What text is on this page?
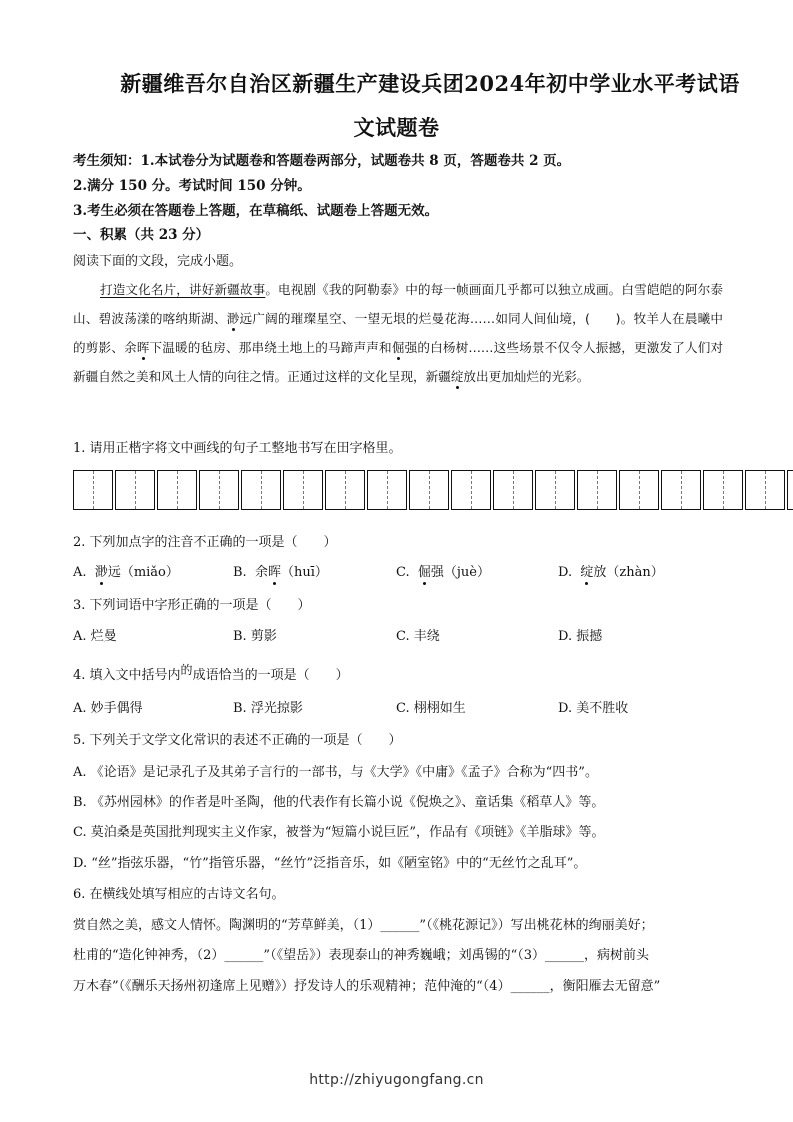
新疆维吾尔自治区新疆生产建设兵团2024年初中学业水平考试语
文试题卷
考生须知：1.本试卷分为试题卷和答题卷两部分，试题卷共 8 页，答题卷共 2 页。
2.满分 150 分。考试时间 150 分钟。
3.考生必须在答题卷上答题，在草稿纸、试题卷上答题无效。
一、积累（共 23 分）
阅读下面的文段，完成小题。

打造文化名片，讲好新疆故事。电视剧《我的阿勒泰》中的每一帧画面几乎都可以独立成画。白雪皑皑的阿尔泰山、碧波荡漾的喀纳斯湖、渺远广阔的璀璨星空、一望无垠的烂曼花海……如同人间仙境，(　　)。牧羊人在晨曦中的剪影、余晖下温暖的毡房、那串绕土地上的马蹄声声和倔强的白杨树……这些场景不仅令人振撼，更激发了人们对新疆自然之美和风土人情的向往之情。正通过这样的文化呈现，新疆绽放出更加灿烂的光彩。

1. 请用正楷字将文中画线的句子工整地书写在田字格里。
2. 下列加点字的注音不正确的一项是（　　）
A. 渺远（miǎo）	B. 余晖（huī）	C. 倔强（juè）	D. 绽放（zhàn）
3. 下列词语中字形正确的一项是（　　）
A. 烂曼	B. 剪影	C. 丰绕	D. 振撼
4. 填入文中括号内的成语恰当的一项是（　　）
A. 妙手偶得	B. 浮光掠影	C. 栩栩如生	D. 美不胜收
5. 下列关于文学文化常识的表述不正确的一项是（　　）
A. 《论语》是记录孔子及其弟子言行的一部书，与《大学》《中庸》《孟子》合称为“四书”。
B. 《苏州园林》的作者是叶圣陶，他的代表作有长篇小说《倪焕之》、童话集《稻草人》等。
C. 莫泊桑是英国批判现实主义作家，被誉为“短篇小说巨匠”，作品有《项链》《羊脂球》等。
D. “丝”指弦乐器，“竹”指管乐器，“丝竹”泛指音乐，如《陋室铭》中的“无丝竹之乱耳”。
6. 在横线处填写相应的古诗文名句。
赏自然之美，感文人情怀。陶渊明的“芳草鲜美，（1）______”（《桃花源记》）写出桃花林的绚丽美好；
杜甫的“造化钟神秀，（2）______”（《望岳》）表现泰山的神秀巍峨；刘禹锡的“（3）______，病树前头
万木春”（《酬乐天扬州初逢席上见赠》）抒发诗人的乐观精神；范仲淹的“（4）______，衡阳雁去无留意”
http://zhiyugongfang.cn
